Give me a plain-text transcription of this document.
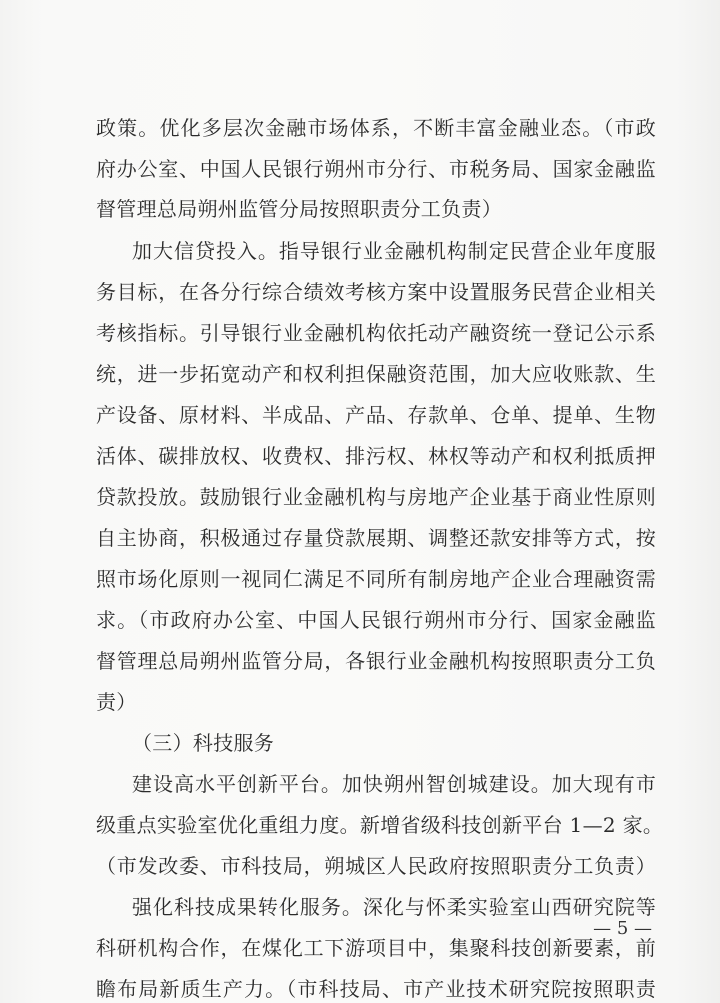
政策。优化多层次金融市场体系，不断丰富金融业态。（市政
府办公室、中国人民银行朔州市分行、市税务局、国家金融监
督管理总局朔州监管分局按照职责分工负责）
加大信贷投入。指导银行业金融机构制定民营企业年度服
务目标，在各分行综合绩效考核方案中设置服务民营企业相关
考核指标。引导银行业金融机构依托动产融资统一登记公示系
统，进一步拓宽动产和权利担保融资范围，加大应收账款、生
产设备、原材料、半成品、产品、存款单、仓单、提单、生物
活体、碳排放权、收费权、排污权、林权等动产和权利抵质押
贷款投放。鼓励银行业金融机构与房地产企业基于商业性原则
自主协商，积极通过存量贷款展期、调整还款安排等方式，按
照市场化原则一视同仁满足不同所有制房地产企业合理融资需
求。（市政府办公室、中国人民银行朔州市分行、国家金融监
督管理总局朔州监管分局，各银行业金融机构按照职责分工负
责）
（三）科技服务
建设高水平创新平台。加快朔州智创城建设。加大现有市
级重点实验室优化重组力度。新增省级科技创新平台 1—2 家。
（市发改委、市科技局，朔城区人民政府按照职责分工负责）
强化科技成果转化服务。深化与怀柔实验室山西研究院等
科研机构合作，在煤化工下游项目中，集聚科技创新要素，前
瞻布局新质生产力。（市科技局、市产业技术研究院按照职责
— 5 —
